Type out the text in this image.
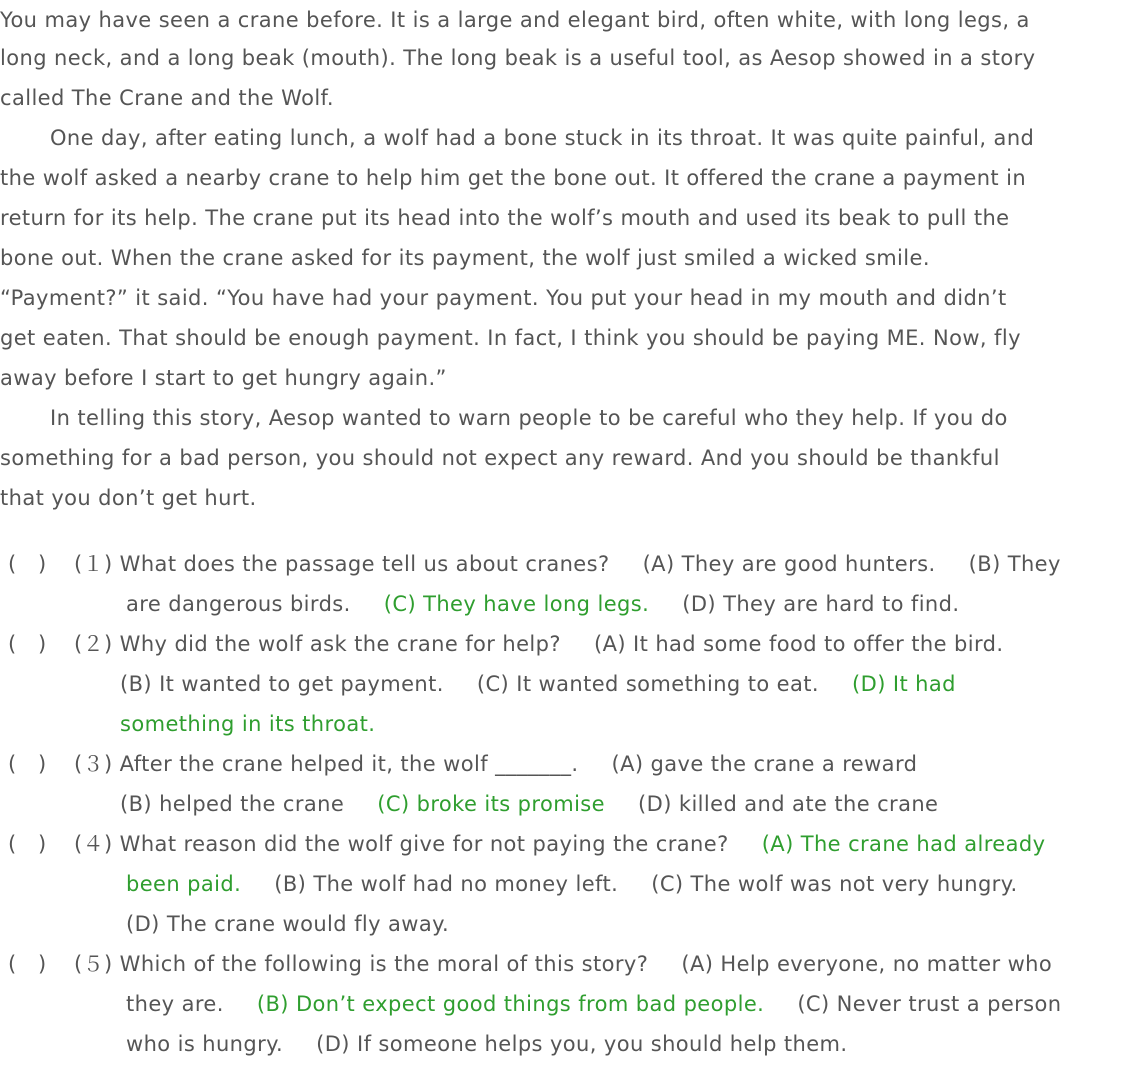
You may have seen a crane before. It is a large and elegant bird, often white, with long legs, a
long neck, and a long beak (mouth). The long beak is a useful tool, as Aesop showed in a story
called The Crane and the Wolf.
One day, after eating lunch, a wolf had a bone stuck in its throat. It was quite painful, and
the wolf asked a nearby crane to help him get the bone out. It offered the crane a payment in
return for its help. The crane put its head into the wolf’s mouth and used its beak to pull the
bone out. When the crane asked for its payment, the wolf just smiled a wicked smile.
“Payment?” it said. “You have had your payment. You put your head in my mouth and didn’t
get eaten. That should be enough payment. In fact, I think you should be paying ME. Now, fly
away before I start to get hungry again.”
In telling this story, Aesop wanted to warn people to be careful who they help. If you do
something for a bad person, you should not expect any reward. And you should be thankful
that you don’t get hurt.
(　) (１) What does the passage tell us about cranes? (A) They are good hunters. (B) They
are dangerous birds. (C) They have long legs. (D) They are hard to find.
(　) (２) Why did the wolf ask the crane for help? (A) It had some food to offer the bird.
(B) It wanted to get payment. (C) It wanted something to eat. (D) It had
something in its throat.
(　) (３) After the crane helped it, the wolf _______. (A) gave the crane a reward
(B) helped the crane (C) broke its promise (D) killed and ate the crane
(　) (４) What reason did the wolf give for not paying the crane? (A) The crane had already
been paid. (B) The wolf had no money left. (C) The wolf was not very hungry.
(D) The crane would fly away.
(　) (５) Which of the following is the moral of this story? (A) Help everyone, no matter who
they are. (B) Don’t expect good things from bad people. (C) Never trust a person
who is hungry. (D) If someone helps you, you should help them.
